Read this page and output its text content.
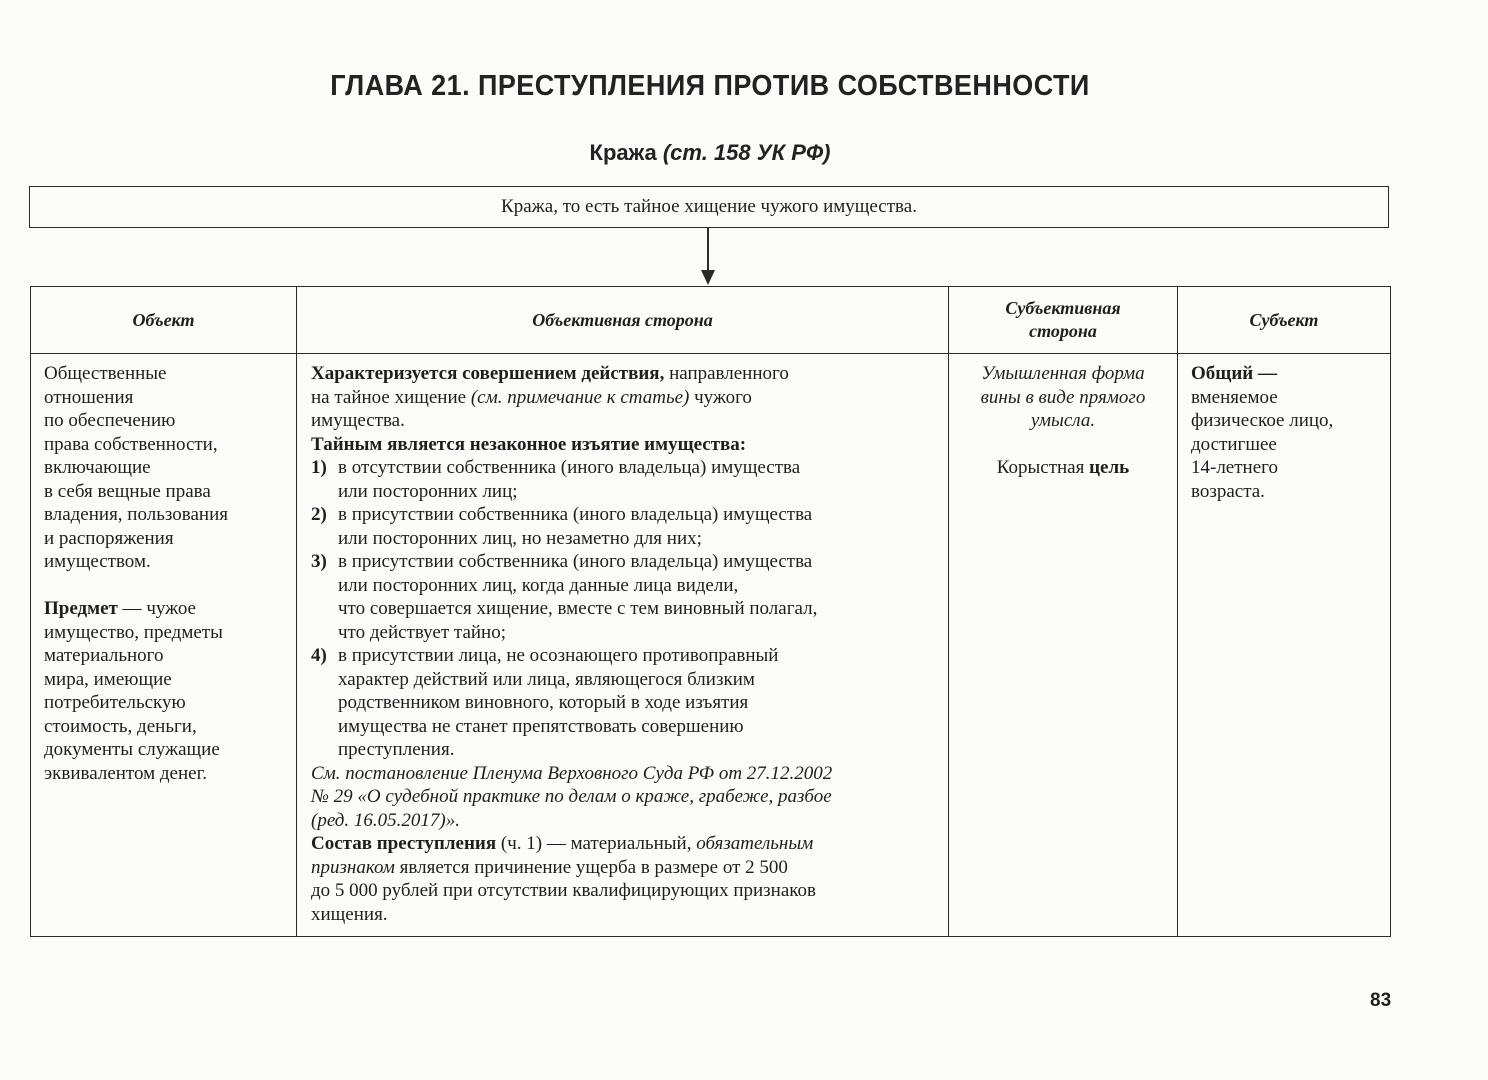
ГЛАВА 21. ПРЕСТУПЛЕНИЯ ПРОТИВ СОБСТВЕННОСТИ
Кража (ст. 158 УК РФ)
Кража, то есть тайное хищение чужого имущества.
Объект	Объективная сторона	Субъективная
сторона	Субъект

Общественные
отношения
по обеспечению
права собственности,
включающие
в себя вещные права
владения, пользования
и распоряжения
имуществом.
Предмет — чужое
имущество, предметы
материального
мира, имеющие
потребительскую
стоимость, деньги,
документы служащие
эквивалентом денег.

Характеризуется совершением действия, направленного
на тайное хищение (см. примечание к статье) чужого
имущества.
Тайным является незаконное изъятие имущества:
1) в отсутствии собственника (иного владельца) имущества
или посторонних лиц;
2) в присутствии собственника (иного владельца) имущества
или посторонних лиц, но незаметно для них;
3) в присутствии собственника (иного владельца) имущества
или посторонних лиц, когда данные лица видели,
что совершается хищение, вместе с тем виновный полагал,
что действует тайно;
4) в присутствии лица, не осознающего противоправный
характер действий или лица, являющегося близким
родственником виновного, который в ходе изъятия
имущества не станет препятствовать совершению
преступления.
См. постановление Пленума Верховного Суда РФ от 27.12.2002
№ 29 «О судебной практике по делам о краже, грабеже, разбое
(ред. 16.05.2017)».
Состав преступления (ч. 1) — материальный, обязательным
признаком является причинение ущерба в размере от 2 500
до 5 000 рублей при отсутствии квалифицирующих признаков
хищения.

Умышленная форма
вины в виде прямого
умысла.
Корыстная цель

Общий —
вменяемое
физическое лицо,
достигшее
14-летнего
возраста.
83
